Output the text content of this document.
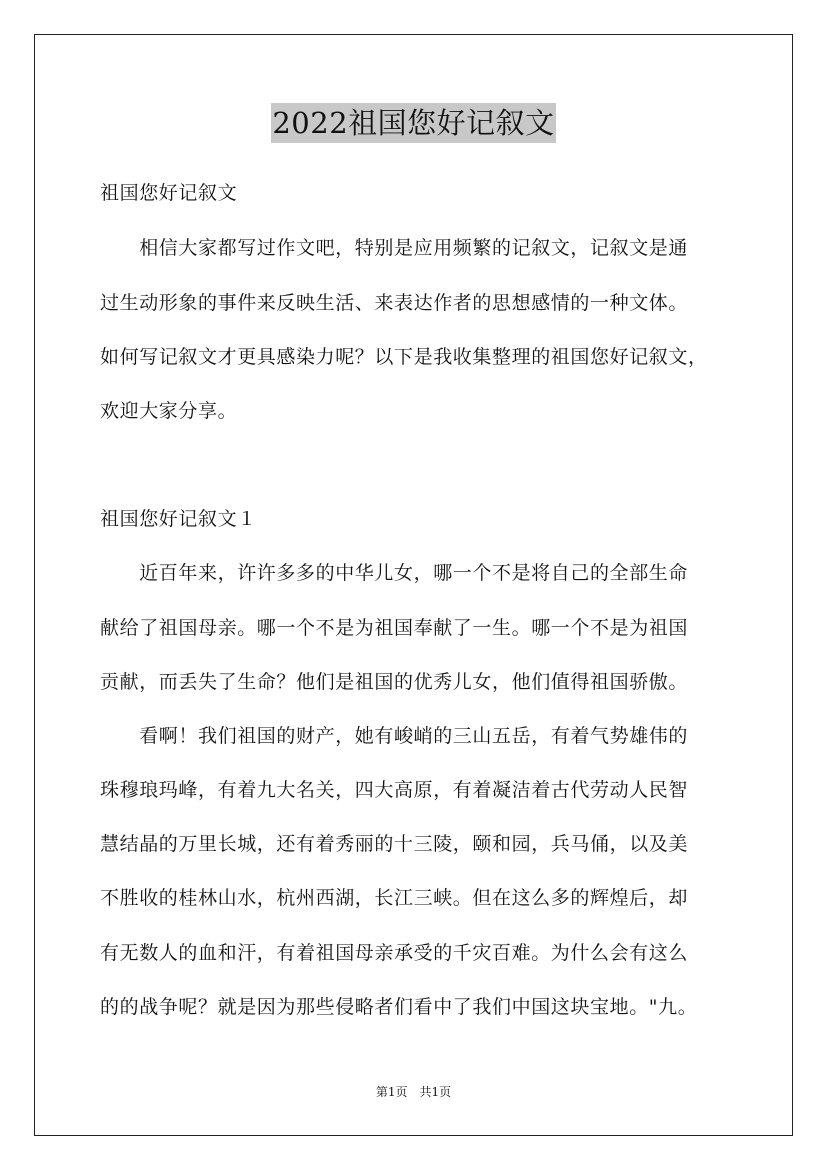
2022祖国您好记叙文
祖国您好记叙文
　　相信大家都写过作文吧，特别是应用频繁的记叙文，记叙文是通
过生动形象的事件来反映生活、来表达作者的思想感情的一种文体。
如何写记叙文才更具感染力呢？以下是我收集整理的祖国您好记叙文，
欢迎大家分享。
祖国您好记叙文１
　　近百年来，许许多多的中华儿女，哪一个不是将自己的全部生命
献给了祖国母亲。哪一个不是为祖国奉献了一生。哪一个不是为祖国
贡献，而丢失了生命？他们是祖国的优秀儿女，他们值得祖国骄傲。
　　看啊！我们祖国的财产，她有峻峭的三山五岳，有着气势雄伟的
珠穆琅玛峰，有着九大名关，四大高原，有着凝洁着古代劳动人民智
慧结晶的万里长城，还有着秀丽的十三陵，颐和园，兵马俑，以及美
不胜收的桂林山水，杭州西湖，长江三峡。但在这么多的辉煌后，却
有无数人的血和汗，有着祖国母亲承受的千灾百难。为什么会有这么
的的战争呢？就是因为那些侵略者们看中了我们中国这块宝地。"九。
第1页 共1页
